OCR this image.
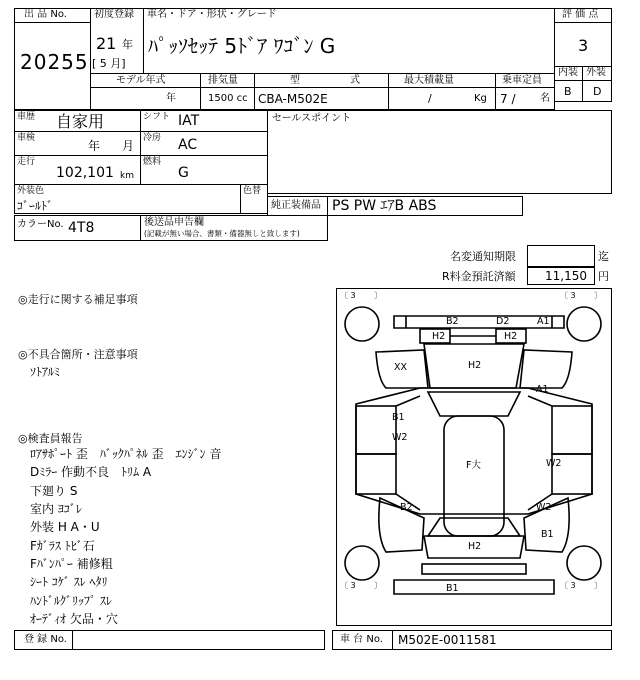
出 品 No.
20255
初度登録
21 年
[ 5 月]
車名・ドア・形状・グレード
ﾊﾟｯｿｾｯﾃ 5ﾄﾞｱ ﾜｺﾞﾝ G
評 価 点
3
内装 外装
B D
モデル年式
年
排気量
1500 cc
型	式
CBA-M502E
最大積載量
/	Kg
乗車定員
7 / 名
車歴 自家用	シフト IAT
車検
年 月
冷房 AC
走行
102,101 km
燃料
G
外装色
ｺﾞｰﾙﾄﾞ
色替
セールスポイント
純正装備品 PS PW ｴｱB ABS
カラーNo. 4T8	後送品申告欄
(記載が無い場合、書類・備器無しと致します)
名変通知期限	迄
R料金預託済額 11,150 円
◎走行に関する補足事項
◎不具合箇所・注意事項
ｿﾄｱﾙﾐ
◎検査員報告
ﾛｱｻﾎﾟｰﾄ 歪　ﾊﾞｯｸﾊﾟﾈﾙ 歪　ｴﾝｼﾞﾝ 音
Dﾐﾗｰ 作動不良　ﾄﾘﾑ A
下廻り S
室内 ﾖｺﾞﾚ
外装 H A・U
Fｶﾞﾗｽ ﾄﾋﾞ石
Fﾊﾞﾝﾊﾟｰ 補修粗
ｼｰﾄ ｺｹﾞ ｽﾚ ﾍﾀﾘ
ﾊﾝﾄﾞﾙｸﾞﾘｯﾌﾟ ｽﾚ
ｵｰﾃﾞｨｵ 欠品・穴
〔 3 　　〕	〔 3 　　〕
〔 3 　　〕	〔 3 　　〕
B2	D2	A1
H2	H2
XX	H2
A1
B1
W2
F大	W2
B2	W2
B1
H2
B1
登 録 No.	車 台 No. M502E-0011581
